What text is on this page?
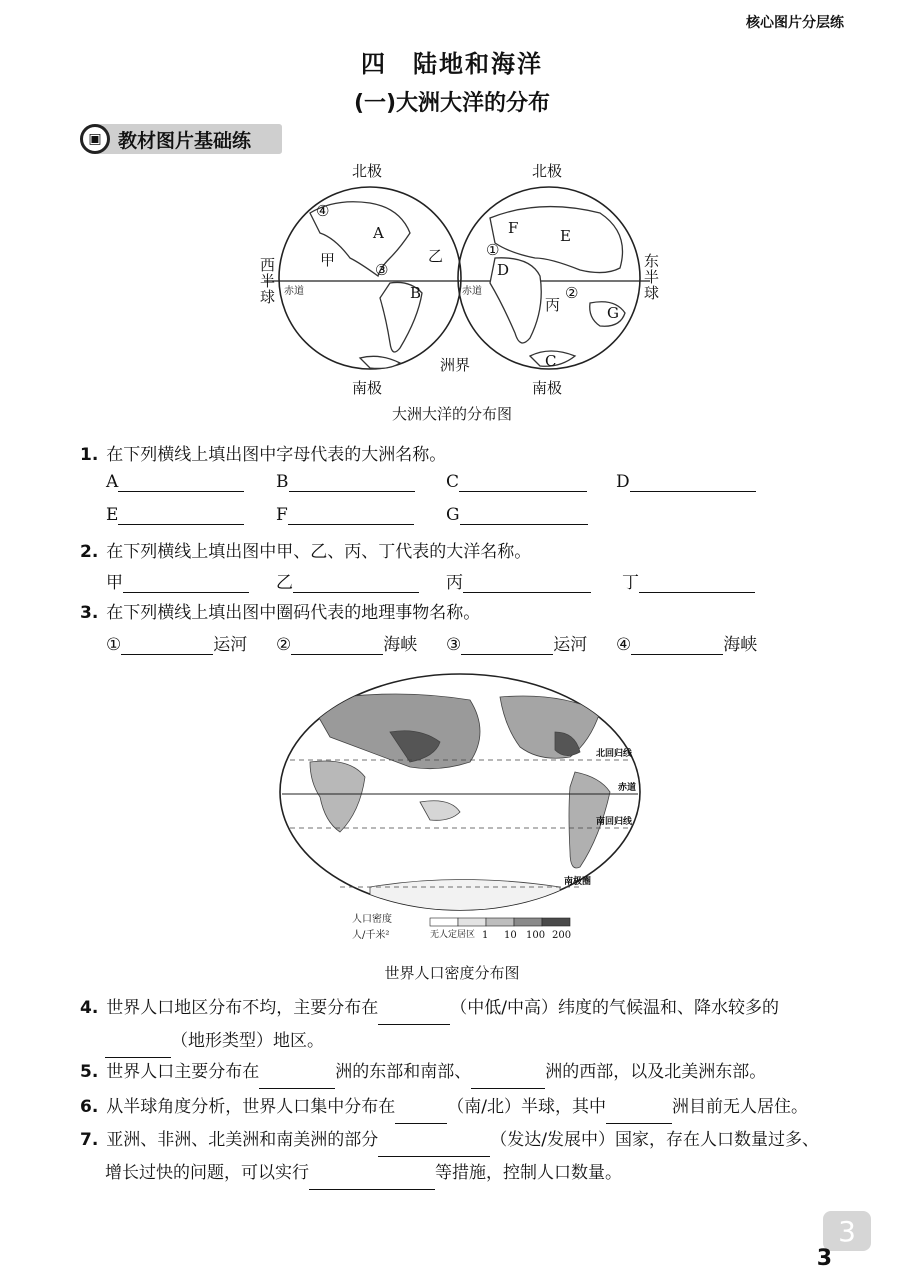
核心图片分层练
四　陆地和海洋
(一)大洲大洋的分布
▣ 教材图片基础练
北极	北极
南极	南极
西
半
球
东
半
球
A
B
C
D
E
F
G
甲	乙
丙
①
②
③
④
洲界
赤道	赤道
大洲大洋的分布图
1. 在下列横线上填出图中字母代表的大洲名称。
A	B	C	D
E	F	G
2. 在下列横线上填出图中甲、乙、丙、丁代表的大洋名称。
甲	乙	丙	丁
3. 在下列横线上填出图中圈码代表的地理事物名称。
①	运河 ②	海峡 ③	运河 ④	海峡
北回归线
赤道
南回归线
南极圈
人口密度
人/千米²	无人定居区 1 10 100 200
世界人口密度分布图
4. 世界人口地区分布不均，主要分布在	（中低/中高）纬度的气候温和、降水较多的
（地形类型）地区。
5. 世界人口主要分布在	洲的东部和南部、	洲的西部，以及北美洲东部。
6. 从半球角度分析，世界人口集中分布在	（南/北）半球，其中	洲目前无人居住。
7. 亚洲、非洲、北美洲和南美洲的部分	（发达/发展中）国家，存在人口数量过多、
增长过快的问题，可以实行	等措施，控制人口数量。
3
3
